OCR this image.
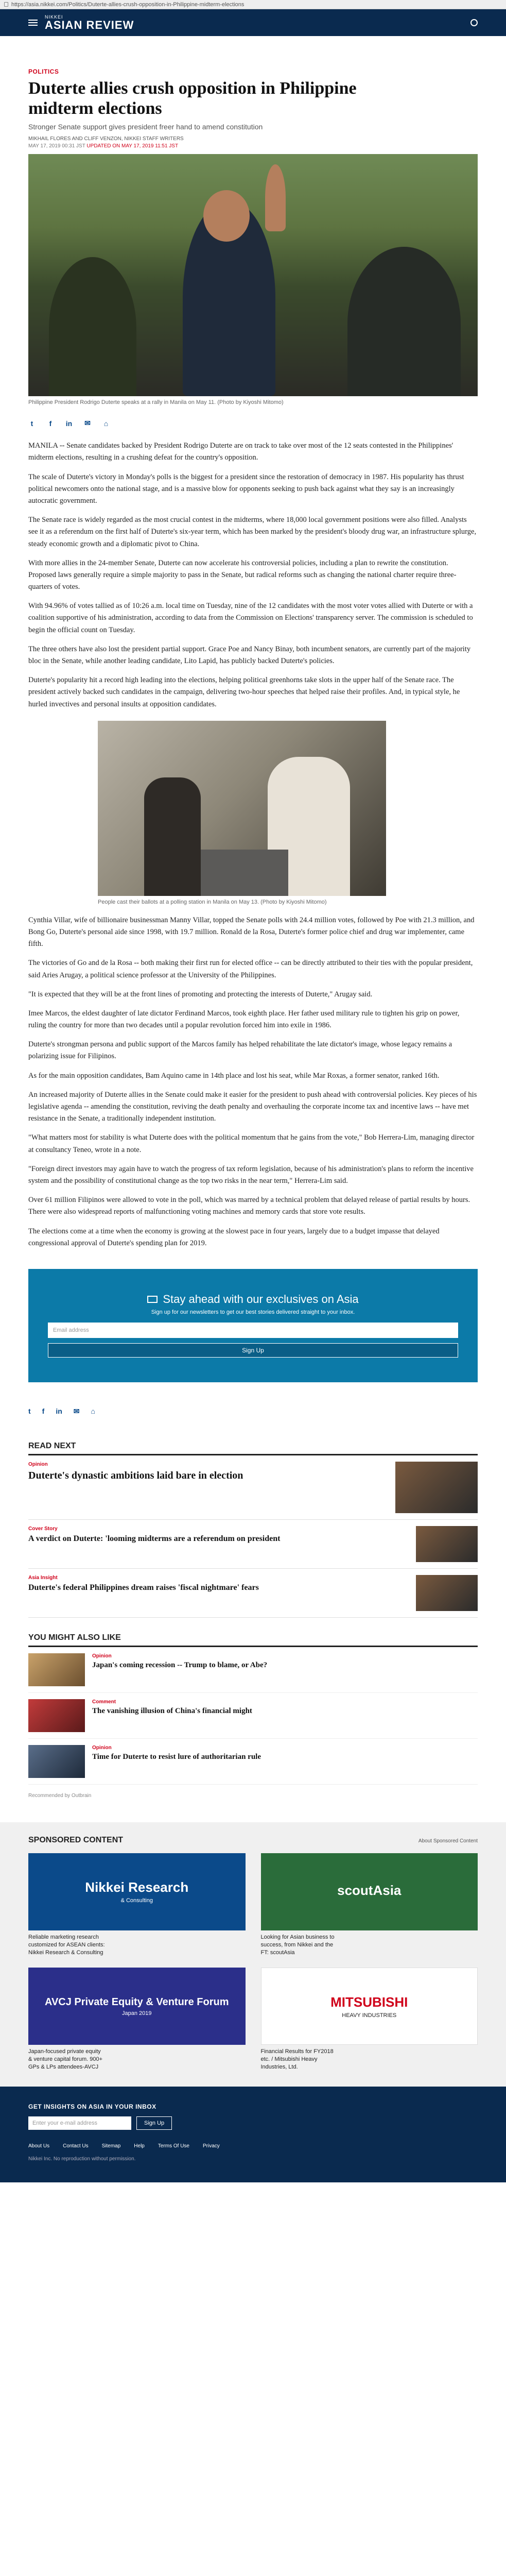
https://asia.nikkei.com/Politics/Duterte-allies-crush-opposition-in-Philippine-midterm-elections
NIKKEI
ASIAN REVIEW
POLITICS
Duterte allies crush opposition in Philippine midterm elections
Stronger Senate support gives president freer hand to amend constitution
MIKHAIL FLORES AND CLIFF VENZON, NIKKEI STAFF WRITERS
MAY 17, 2019 00:31 JST UPDATED ON MAY 17, 2019 11:51 JST
Philippine President Rodrigo Duterte speaks at a rally in Manila on May 11. (Photo by Kiyoshi Mitomo)
t	f	in ✉ ⌂

MANILA -- Senate candidates backed by President Rodrigo Duterte are on track to take over most of the 12 seats contested in the Philippines' midterm elections, resulting in a crushing defeat for the country's opposition.

The scale of Duterte's victory in Monday's polls is the biggest for a president since the restoration of democracy in 1987. His popularity has thrust political newcomers onto the national stage, and is a massive blow for opponents seeking to push back against what they say is an increasingly autocratic government.

The Senate race is widely regarded as the most crucial contest in the midterms, where 18,000 local government positions were also filled. Analysts see it as a referendum on the first half of Duterte's six-year term, which has been marked by the president's bloody drug war, an infrastructure splurge, steady economic growth and a diplomatic pivot to China.

With more allies in the 24-member Senate, Duterte can now accelerate his controversial policies, including a plan to rewrite the constitution. Proposed laws generally require a simple majority to pass in the Senate, but radical reforms such as changing the national charter require three-quarters of votes.

With 94.96% of votes tallied as of 10:26 a.m. local time on Tuesday, nine of the 12 candidates with the most voter votes allied with Duterte or with a coalition supportive of his administration, according to data from the Commission on Elections' transparency server. The commission is scheduled to begin the official count on Tuesday.

The three others have also lost the president partial support. Grace Poe and Nancy Binay, both incumbent senators, are currently part of the majority bloc in the Senate, while another leading candidate, Lito Lapid, has publicly backed Duterte's policies.

Duterte's popularity hit a record high leading into the elections, helping political greenhorns take slots in the upper half of the Senate race. The president actively backed such candidates in the campaign, delivering two-hour speeches that helped raise their profiles. And, in typical style, he hurled invectives and personal insults at opposition candidates.

People cast their ballots at a polling station in Manila on May 13. (Photo by Kiyoshi Mitomo)

Cynthia Villar, wife of billionaire businessman Manny Villar, topped the Senate polls with 24.4 million votes, followed by Poe with 21.3 million, and Bong Go, Duterte's personal aide since 1998, with 19.7 million. Ronald de la Rosa, Duterte's former police chief and drug war implementer, came fifth.

The victories of Go and de la Rosa -- both making their first run for elected office -- can be directly attributed to their ties with the popular president, said Aries Arugay, a political science professor at the University of the Philippines.

"It is expected that they will be at the front lines of promoting and protecting the interests of Duterte," Arugay said.

Imee Marcos, the eldest daughter of late dictator Ferdinand Marcos, took eighth place. Her father used military rule to tighten his grip on power, ruling the country for more than two decades until a popular revolution forced him into exile in 1986.

Duterte's strongman persona and public support of the Marcos family has helped rehabilitate the late dictator's image, whose legacy remains a polarizing issue for Filipinos.

As for the main opposition candidates, Bam Aquino came in 14th place and lost his seat, while Mar Roxas, a former senator, ranked 16th.

An increased majority of Duterte allies in the Senate could make it easier for the president to push ahead with controversial policies. Key pieces of his legislative agenda -- amending the constitution, reviving the death penalty and overhauling the corporate income tax and incentive laws -- have met resistance in the Senate, a traditionally independent institution.

"What matters most for stability is what Duterte does with the political momentum that he gains from the vote," Bob Herrera-Lim, managing director at consultancy Teneo, wrote in a note.

"Foreign direct investors may again have to watch the progress of tax reform legislation, because of his administration's plans to reform the incentive system and the possibility of constitutional change as the top two risks in the near term," Herrera-Lim said.

Over 61 million Filipinos were allowed to vote in the poll, which was marred by a technical problem that delayed release of partial results by hours. There were also widespread reports of malfunctioning voting machines and memory cards that store vote results.

The elections come at a time when the economy is growing at the slowest pace in four years, largely due to a budget impasse that delayed congressional approval of Duterte's spending plan for 2019.

Stay ahead with our exclusives on Asia
Sign up for our newsletters to get our best stories delivered straight to your inbox.
Email address
Sign Up
t f in ✉ ⌂
READ NEXT
Opinion
Duterte's dynastic ambitions laid bare in election
Cover Story
A verdict on Duterte: 'looming midterms are a referendum on president
Asia Insight
Duterte's federal Philippines dream raises 'fiscal nightmare' fears
YOU MIGHT ALSO LIKE
Opinion
Japan's coming recession -- Trump to blame, or Abe?
Comment
The vanishing illusion of China's financial might
Opinion
Time for Duterte to resist lure of authoritarian rule
Recommended by Outbrain
SPONSORED CONTENT	About Sponsored Content
Nikkei Research
& Consulting
Reliable marketing research customized for ASEAN clients: Nikkei Research & Consulting
scoutAsia
Looking for Asian business to success, from Nikkei and the FT: scoutAsia
AVCJ Private Equity & Venture Forum
Japan 2019
Japan-focused private equity & venture capital forum. 900+ GPs & LPs attendees-AVCJ
MITSUBISHI
HEAVY INDUSTRIES
Financial Results for FY2018 etc. / Mitsubishi Heavy Industries, Ltd.
GET INSIGHTS ON ASIA IN YOUR INBOX
Enter your e-mail address	Sign Up
About Us	Contact Us	Sitemap	Help	Terms Of Use	Privacy
Nikkei Inc. No reproduction without permission.
